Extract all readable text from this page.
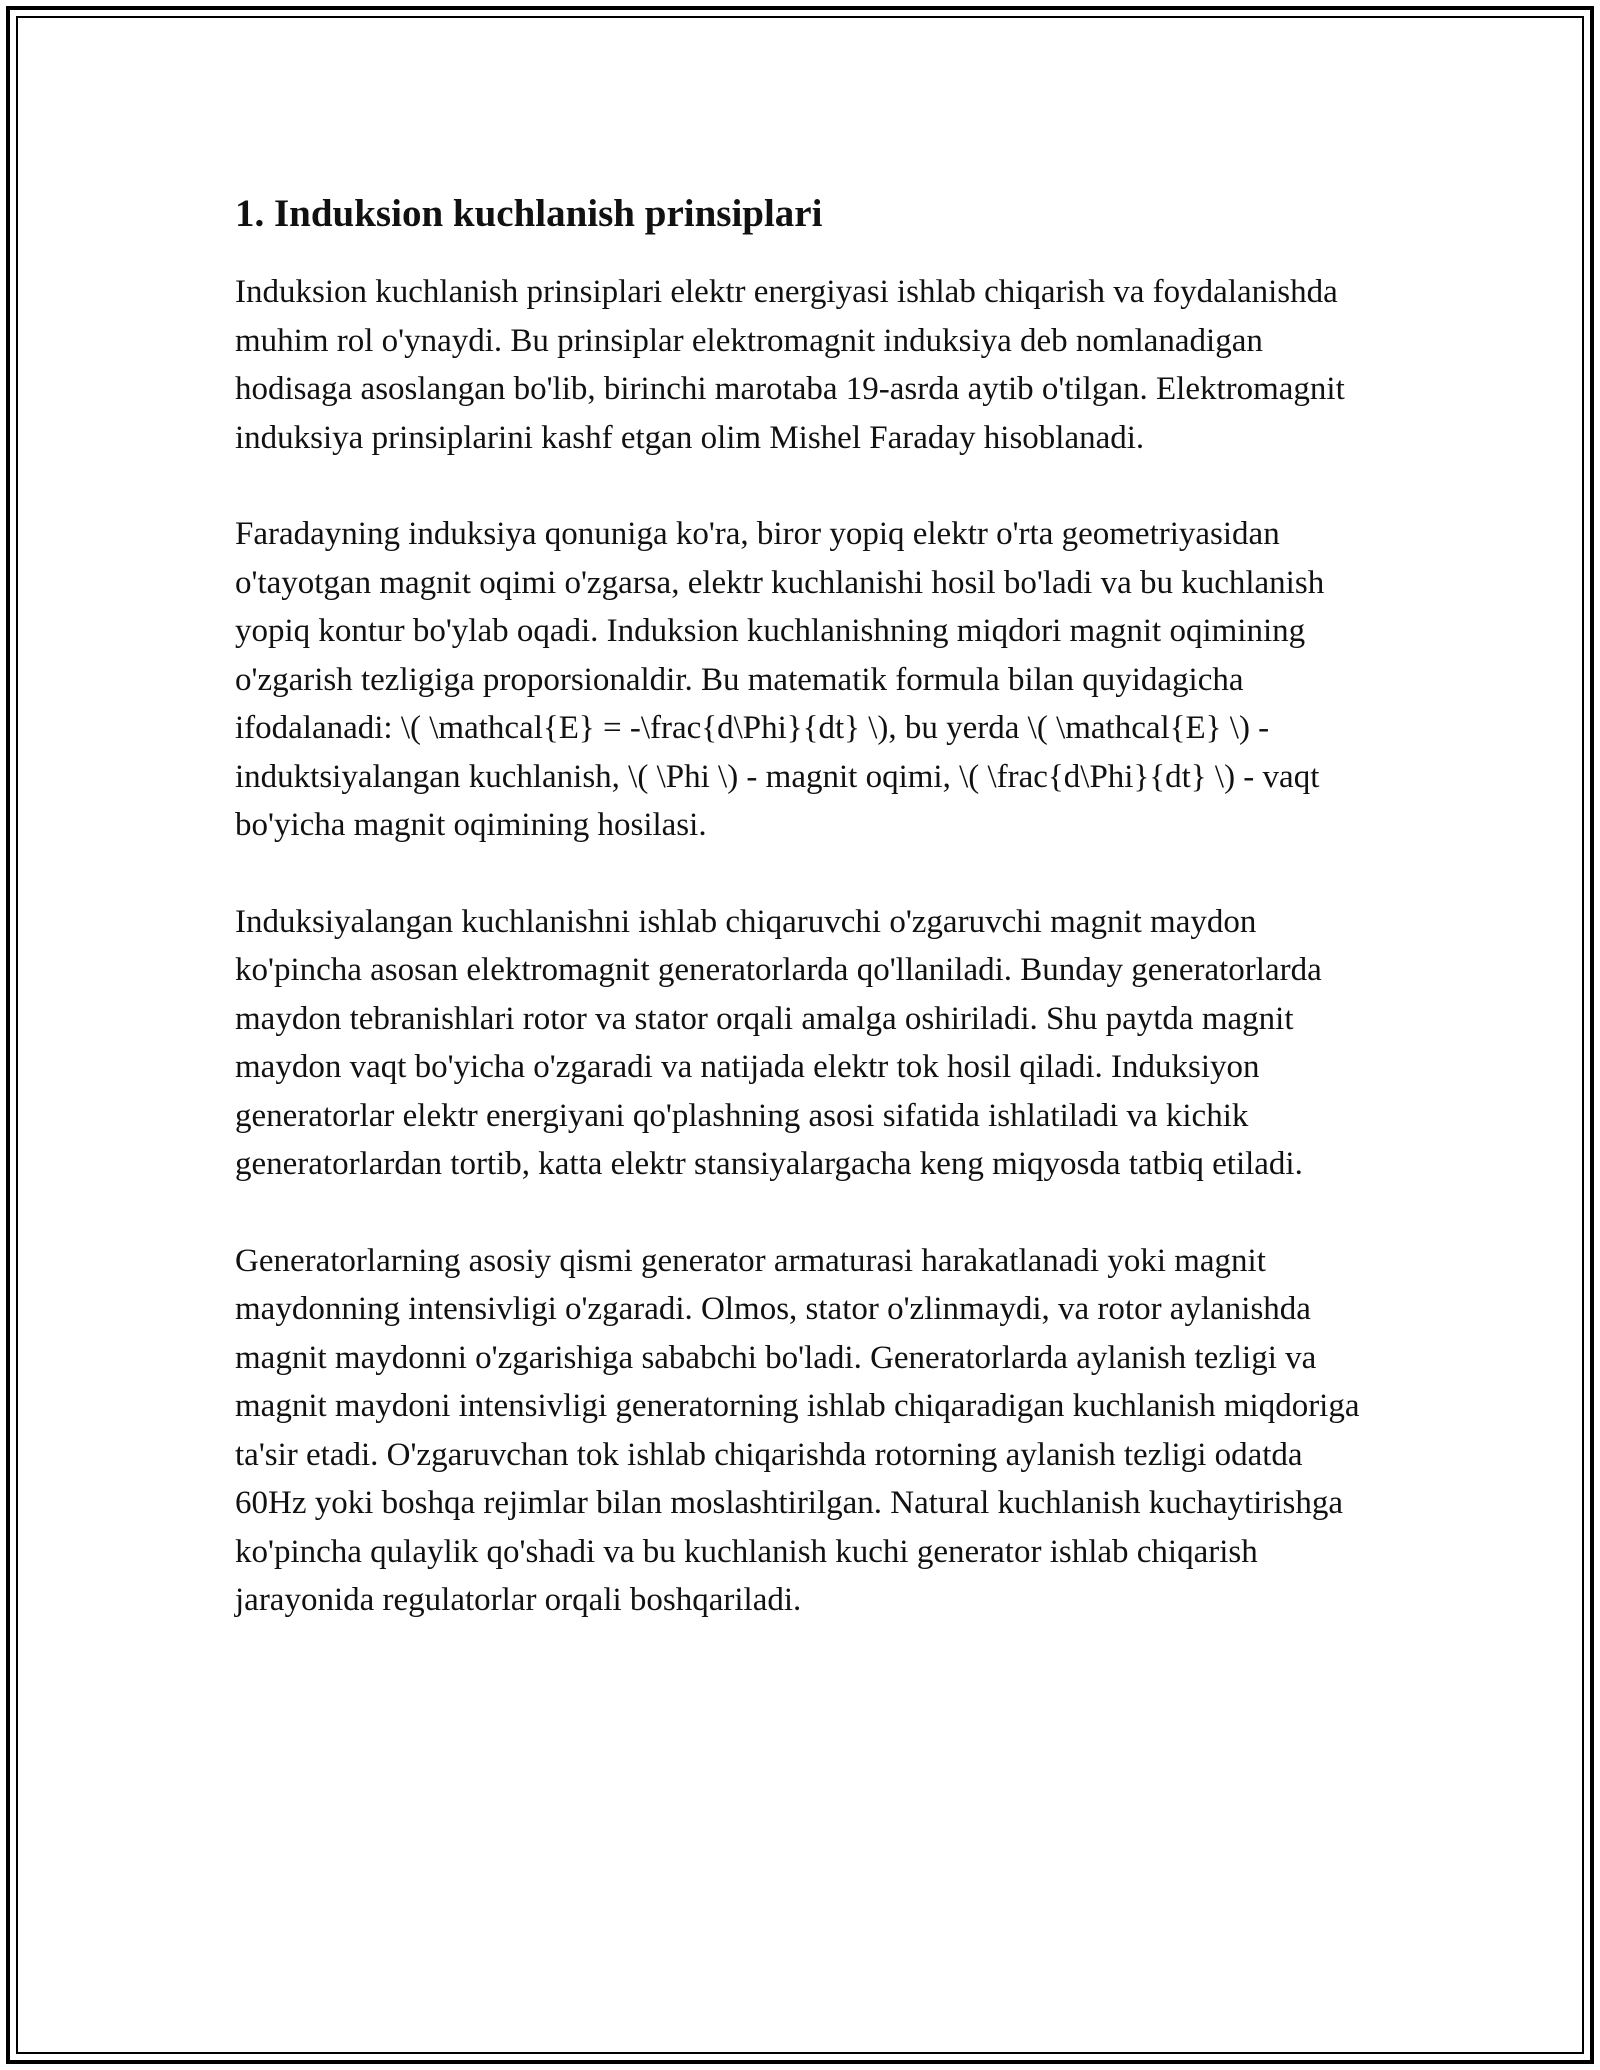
1. Induksion kuchlanish prinsiplari

Induksion kuchlanish prinsiplari elektr energiyasi ishlab chiqarish va foydalanishda muhim rol o'ynaydi. Bu prinsiplar elektromagnit induksiya deb nomlanadigan hodisaga asoslangan bo'lib, birinchi marotaba 19-asrda aytib o'tilgan. Elektromagnit induksiya prinsiplarini kashf etgan olim Mishel Faraday hisoblanadi.

Faradayning induksiya qonuniga ko'ra, biror yopiq elektr o'rta geometriyasidan o'tayotgan magnit oqimi o'zgarsa, elektr kuchlanishi hosil bo'ladi va bu kuchlanish yopiq kontur bo'ylab oqadi. Induksion kuchlanishning miqdori magnit oqimining o'zgarish tezligiga proporsionaldir. Bu matematik formula bilan quyidagicha ifodalanadi: \( \mathcal{E} = -\frac{d\Phi}{dt} \), bu yerda \( \mathcal{E} \) - induktsiyalangan kuchlanish, \( \Phi \) - magnit oqimi, \( \frac{d\Phi}{dt} \) - vaqt bo'yicha magnit oqimining hosilasi.

Induksiyalangan kuchlanishni ishlab chiqaruvchi o'zgaruvchi magnit maydon ko'pincha asosan elektromagnit generatorlarda qo'llaniladi. Bunday generatorlarda maydon tebranishlari rotor va stator orqali amalga oshiriladi. Shu paytda magnit maydon vaqt bo'yicha o'zgaradi va natijada elektr tok hosil qiladi. Induksiyon generatorlar elektr energiyani qo'plashning asosi sifatida ishlatiladi va kichik generatorlardan tortib, katta elektr stansiyalargacha keng miqyosda tatbiq etiladi.

Generatorlarning asosiy qismi generator armaturasi harakatlanadi yoki magnit maydonning intensivligi o'zgaradi. Olmos, stator o'zlinmaydi, va rotor aylanishda magnit maydonni o'zgarishiga sababchi bo'ladi. Generatorlarda aylanish tezligi va magnit maydoni intensivligi generatorning ishlab chiqaradigan kuchlanish miqdoriga ta'sir etadi. O'zgaruvchan tok ishlab chiqarishda rotorning aylanish tezligi odatda 60Hz yoki boshqa rejimlar bilan moslashtirilgan. Natural kuchlanish kuchaytirishga ko'pincha qulaylik qo'shadi va bu kuchlanish kuchi generator ishlab chiqarish jarayonida regulatorlar orqali boshqariladi.
